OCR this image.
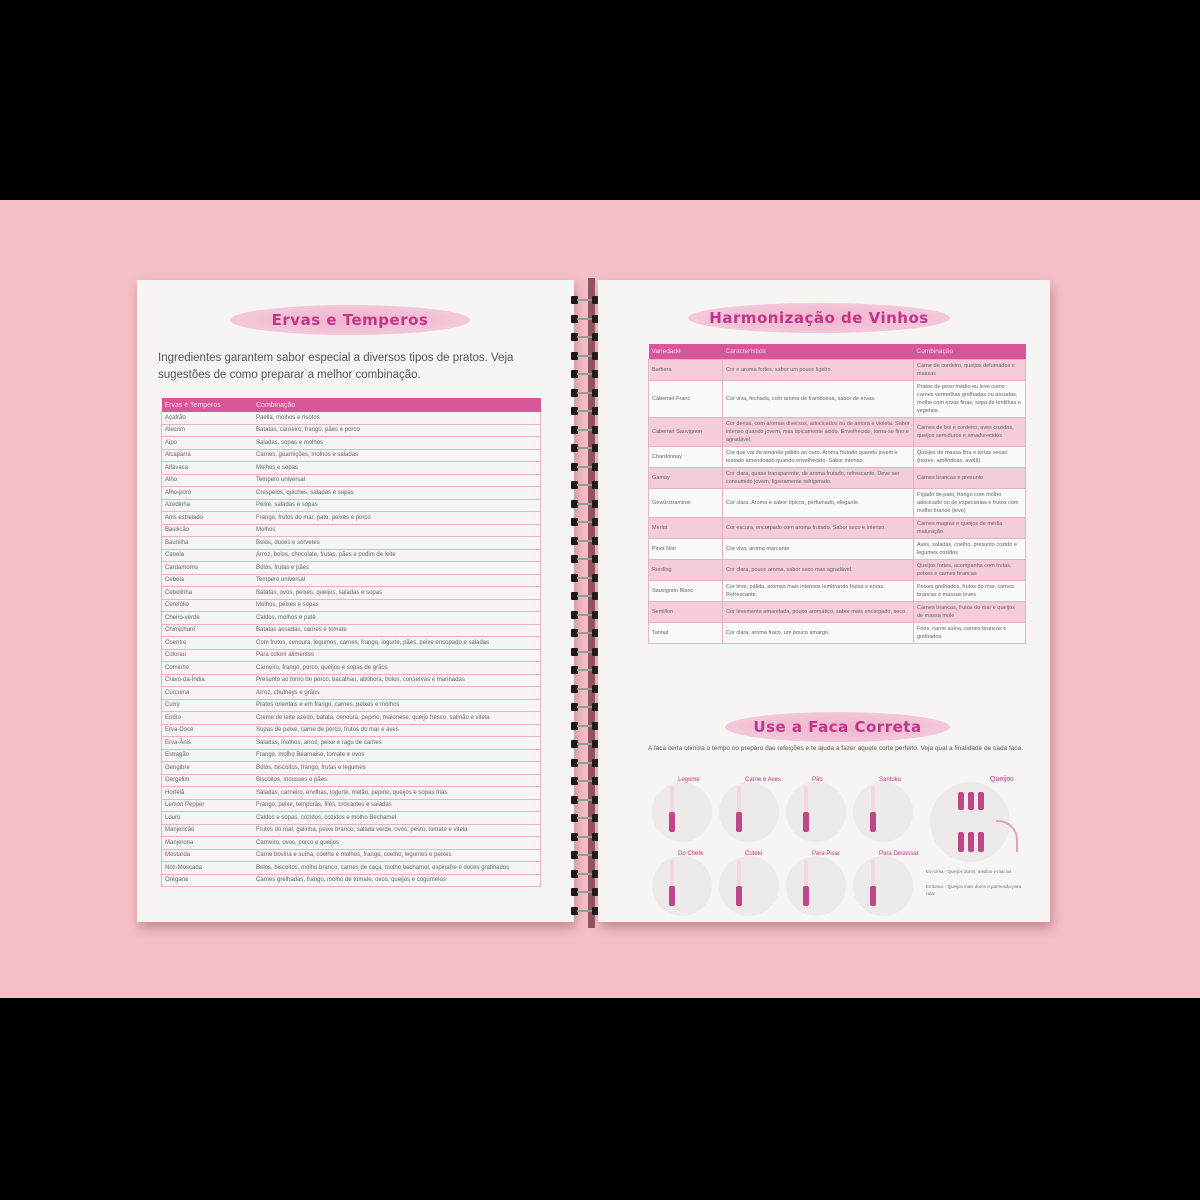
Ervas e Temperos
Ingredientes garantem sabor especial a diversos tipos de pratos. Veja sugestões de como preparar a melhor combinação.
Ervas e Temperos	Combinação
Açafrão	Paella, molhos e risotos
Alecrim	Batatas, carneiro, frango, pães e porco
Aipo	Saladas, sopas e molhos
Alcaparra	Carnes, guarnições, molhos e saladas
Alfavaca	Molhos e sopas
Alho	Tempero universal
Alho-poró	Crespelos, quiches, saladas e sopas
Azedinha	Peixe, saladas e sopas
Anis estrelado	Frango, frutos do mar, pato, peixes e porco
Basilicão	Molhos
Baunilha	Bolos, doces e sorvetes
Canela	Arroz, bolos, chocolate, frutas, pães e pudim de leite
Cardamomo	Bolos, frutas e pães
Cebola	Tempero universal
Cebolinha	Batatas, ovos, peixes, queijos, saladas e sopas
Cerefólio	Molhos, peixes e sopas
Cheiro-verde	Caldos, molhos e patê
Chimichurri	Batatas assadas, carnes e tomate
Coentro	Com frutos, cenoura, legumes, carnes, frango, iogurte, pães, peixe ensopado e saladas
Colorau	Para colorir alimentos
Cominho	Carneiro, frango, porco, queijos e sopas de grãos
Cravo-da-Índia	Presunto ao forno de porco, bacalhau, abóbora, bolos, conservas e marinadas
Cúrcuma	Arroz, chutneys e grãos
Curry	Pratos orientais e em frango, carnes, peixes e molhos
Endro	Creme de leite azedo, batata, cenoura, pepino, maionese, queijo fresco, salmão e vitela
Erva-Doce	Sopas de peixe, carne de porco, frutos do mar e aves
Erva-Ânis	Saladas, molhos, arroz, peixe e ragu de carnes
Estragão	Frango, molho Béarnaise, tomate e ovos
Gengibre	Bolos, biscoitos, frango, frutas e legumes
Gergelim	Biscoitos, mousses e pães
Hortelã	Saladas, carneiro, ervilhas, iogurte, melão, pepino, queijos e sopas frias
Lemon Pepper	Frango, peixe, tempurás, filés, crocantes e saladas
Louro	Caldos e sopas, cozidos, cozidos e molho Bechamel
Manjericão	Frutos do mar, galinha, peixe branco, salada verde, ovos, pesto, tomate e vitela
Manjerona	Carneiro, ovos, porco e queijos
Mostarda	Carne bovina e suína, coelho e molhos, frango, coelho, legumes e peixes
Noz-Moscada	Bolos, biscoitos, molho branco, carnes de caça, molho bechamel, espinafre e doces gratinados
Orégano	Carnes grelhadas, frango, molho de tomate, ovos, queijos e cogumelos
Harmonização de Vinhos
Variedade	Característica	Combinação
Barbera	Cor e aroma fortes, sabor um pouco ligeiro.	Carne de cordeiro, queijos defumados e massas
Cabernet Franc	Cor viva, fechada, com aroma de framboesa, sabor de ervas.	Pratos de peso médio ou leve como carnes vermelhas grelhadas ou assadas, molho com ervas finas, sopa de lentilhas e vegetais.
Cabernet Sauvignon	Cor densa, com aromas diversos, adocicados ou de amora e violeta. Sabor intenso quando jovem, mas tipicamente ácido. Envelhecido, torna-se fino e agradável.	Carnes de boi e cordeiro, aves cozidas, queijos semiduros e amadurecidos
Chardonnay	Cor que vai do amarelo pálido ao ouro. Aroma frutado quando jovem e tostado amendoado quando envelhecido. Sabor intenso.	Queijos de massa fina e tortas secas (nozes, amêndoas, avelã)
Gamay	Cor clara, quase transparente, de aroma frutado, refrescante. Deve ser consumido jovem, ligeiramente refrigerado.	Carnes brancas e presunto
Gewürztraminer	Cor clara. Aroma e sabor típicos, perfumado, elegante.	Fígado de pato, frango com molho adocicado ou de especiarias e frutos com molho branco (leve)
Merlot	Cor escura, encorpado com aroma frutado. Sabor seco e intenso.	Carnes magras e queijos de média maturação.
Pinot Noir	Cor viva, aroma marcante	Aves, saladas, coelho, presunto cozido e legumes cozidos
Riesling	Cor clara, pouco aroma, sabor seco mas agradável.	Queijos fortes, acompanha com frutas, peixes e carnes brancas
Sauvignon Blanc	Cor leve, pálida, aromas mais intensos lembrando frutas e ervas. Refrescante.	Peixes grelhados, frutos do mar, carnes brancas e massas leves
Semillon	Cor levemente amarelada, pouco aromático, sabor mais encorpado, seco.	Carnes brancas, frutos do mar e queijos de massa mole
Tannat	Cor clara, aroma fraco, um pouco amargo.	Frios, carne suína, carnes brancas e grelhados.
Use a Faca Correta
A faca certa otimiza o tempo no preparo das refeições e te ajuda a fazer aquele corte perfeito. Veja qual a finalidade de cada faca.
Legume	Carne e Aves	Pão	Santoku
Do Chefe	Cutelo	Para Picar	Para Desossar
Queijos
Em cima - Queijos duros, médios e macios
Embaixo - Queijos mais duros e parmesão para ralar
